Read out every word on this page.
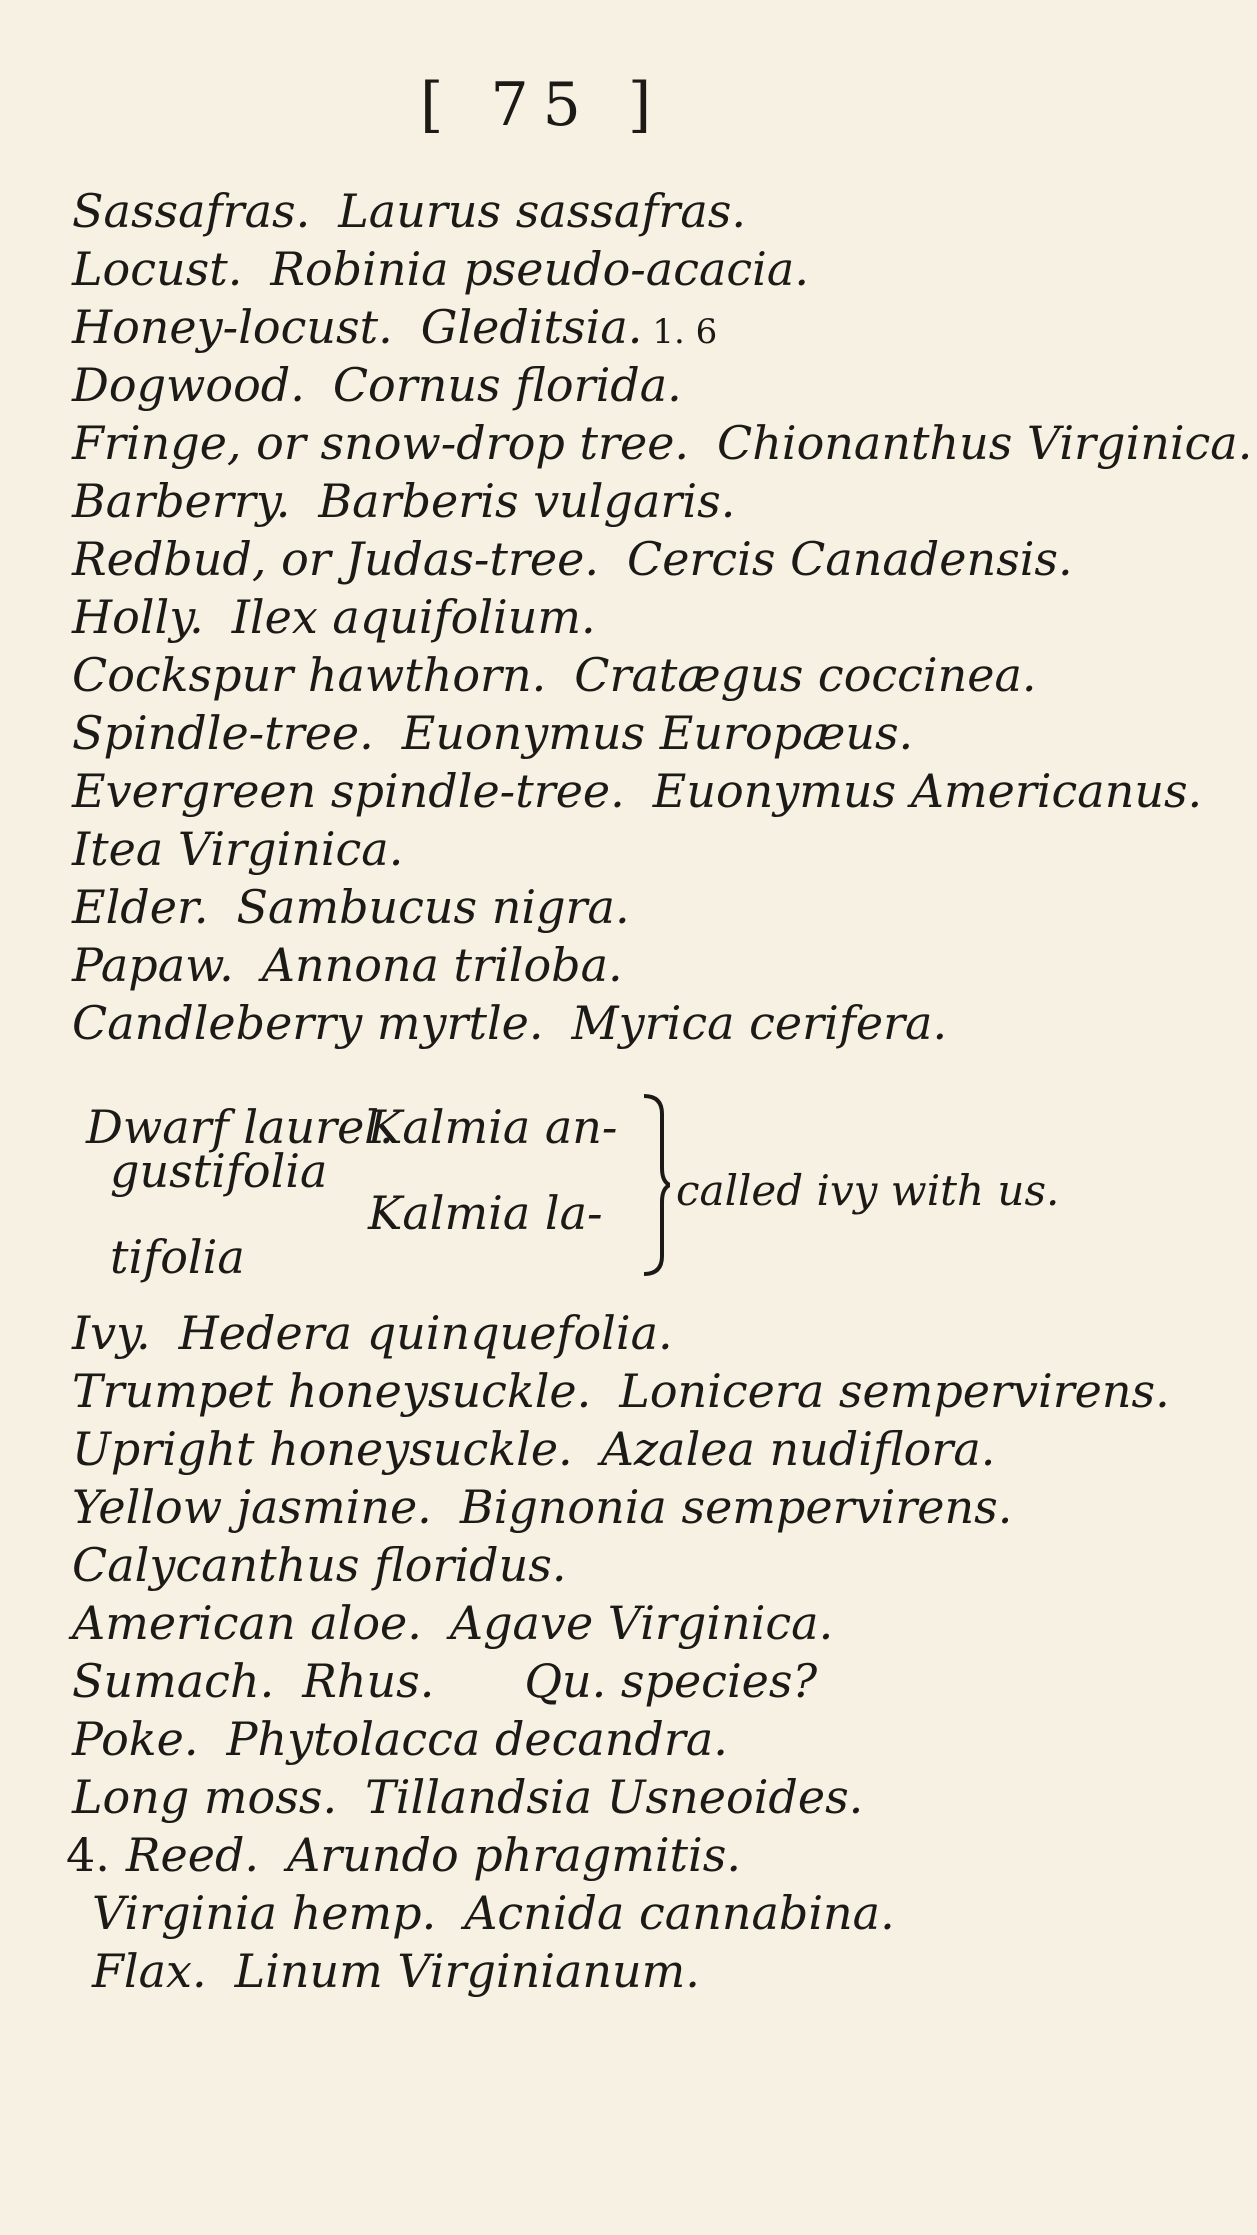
[ 75 ]
Sassafras. Laurus sassafras.
Locust. Robinia pseudo-acacia.
Honey-locust. Gleditsia. 1. 6
Dogwood. Cornus florida.
Fringe, or snow-drop tree. Chionanthus Virginica.
Barberry. Barberis vulgaris.
Redbud, or Judas-tree. Cercis Canadensis.
Holly. Ilex aquifolium.
Cockspur hawthorn. Cratægus coccinea.
Spindle-tree. Euonymus Europæus.
Evergreen spindle-tree. Euonymus Americanus.
Itea Virginica.
Elder. Sambucus nigra.
Papaw. Annona triloba.
Candleberry myrtle. Myrica cerifera.
Dwarf laurel.
Kalmia an-
gustifolia
Kalmia la-
tifolia
called ivy with us.
Ivy. Hedera quinquefolia.
Trumpet honeysuckle. Lonicera sempervirens.
Upright honeysuckle. Azalea nudiflora.
Yellow jasmine. Bignonia sempervirens.
Calycanthus floridus.
American aloe. Agave Virginica.
Sumach. Rhus. Qu. species?
Poke. Phytolacca decandra.
Long moss. Tillandsia Usneoides.
4. Reed. Arundo phragmitis.
Virginia hemp. Acnida cannabina.
Flax. Linum Virginianum.
